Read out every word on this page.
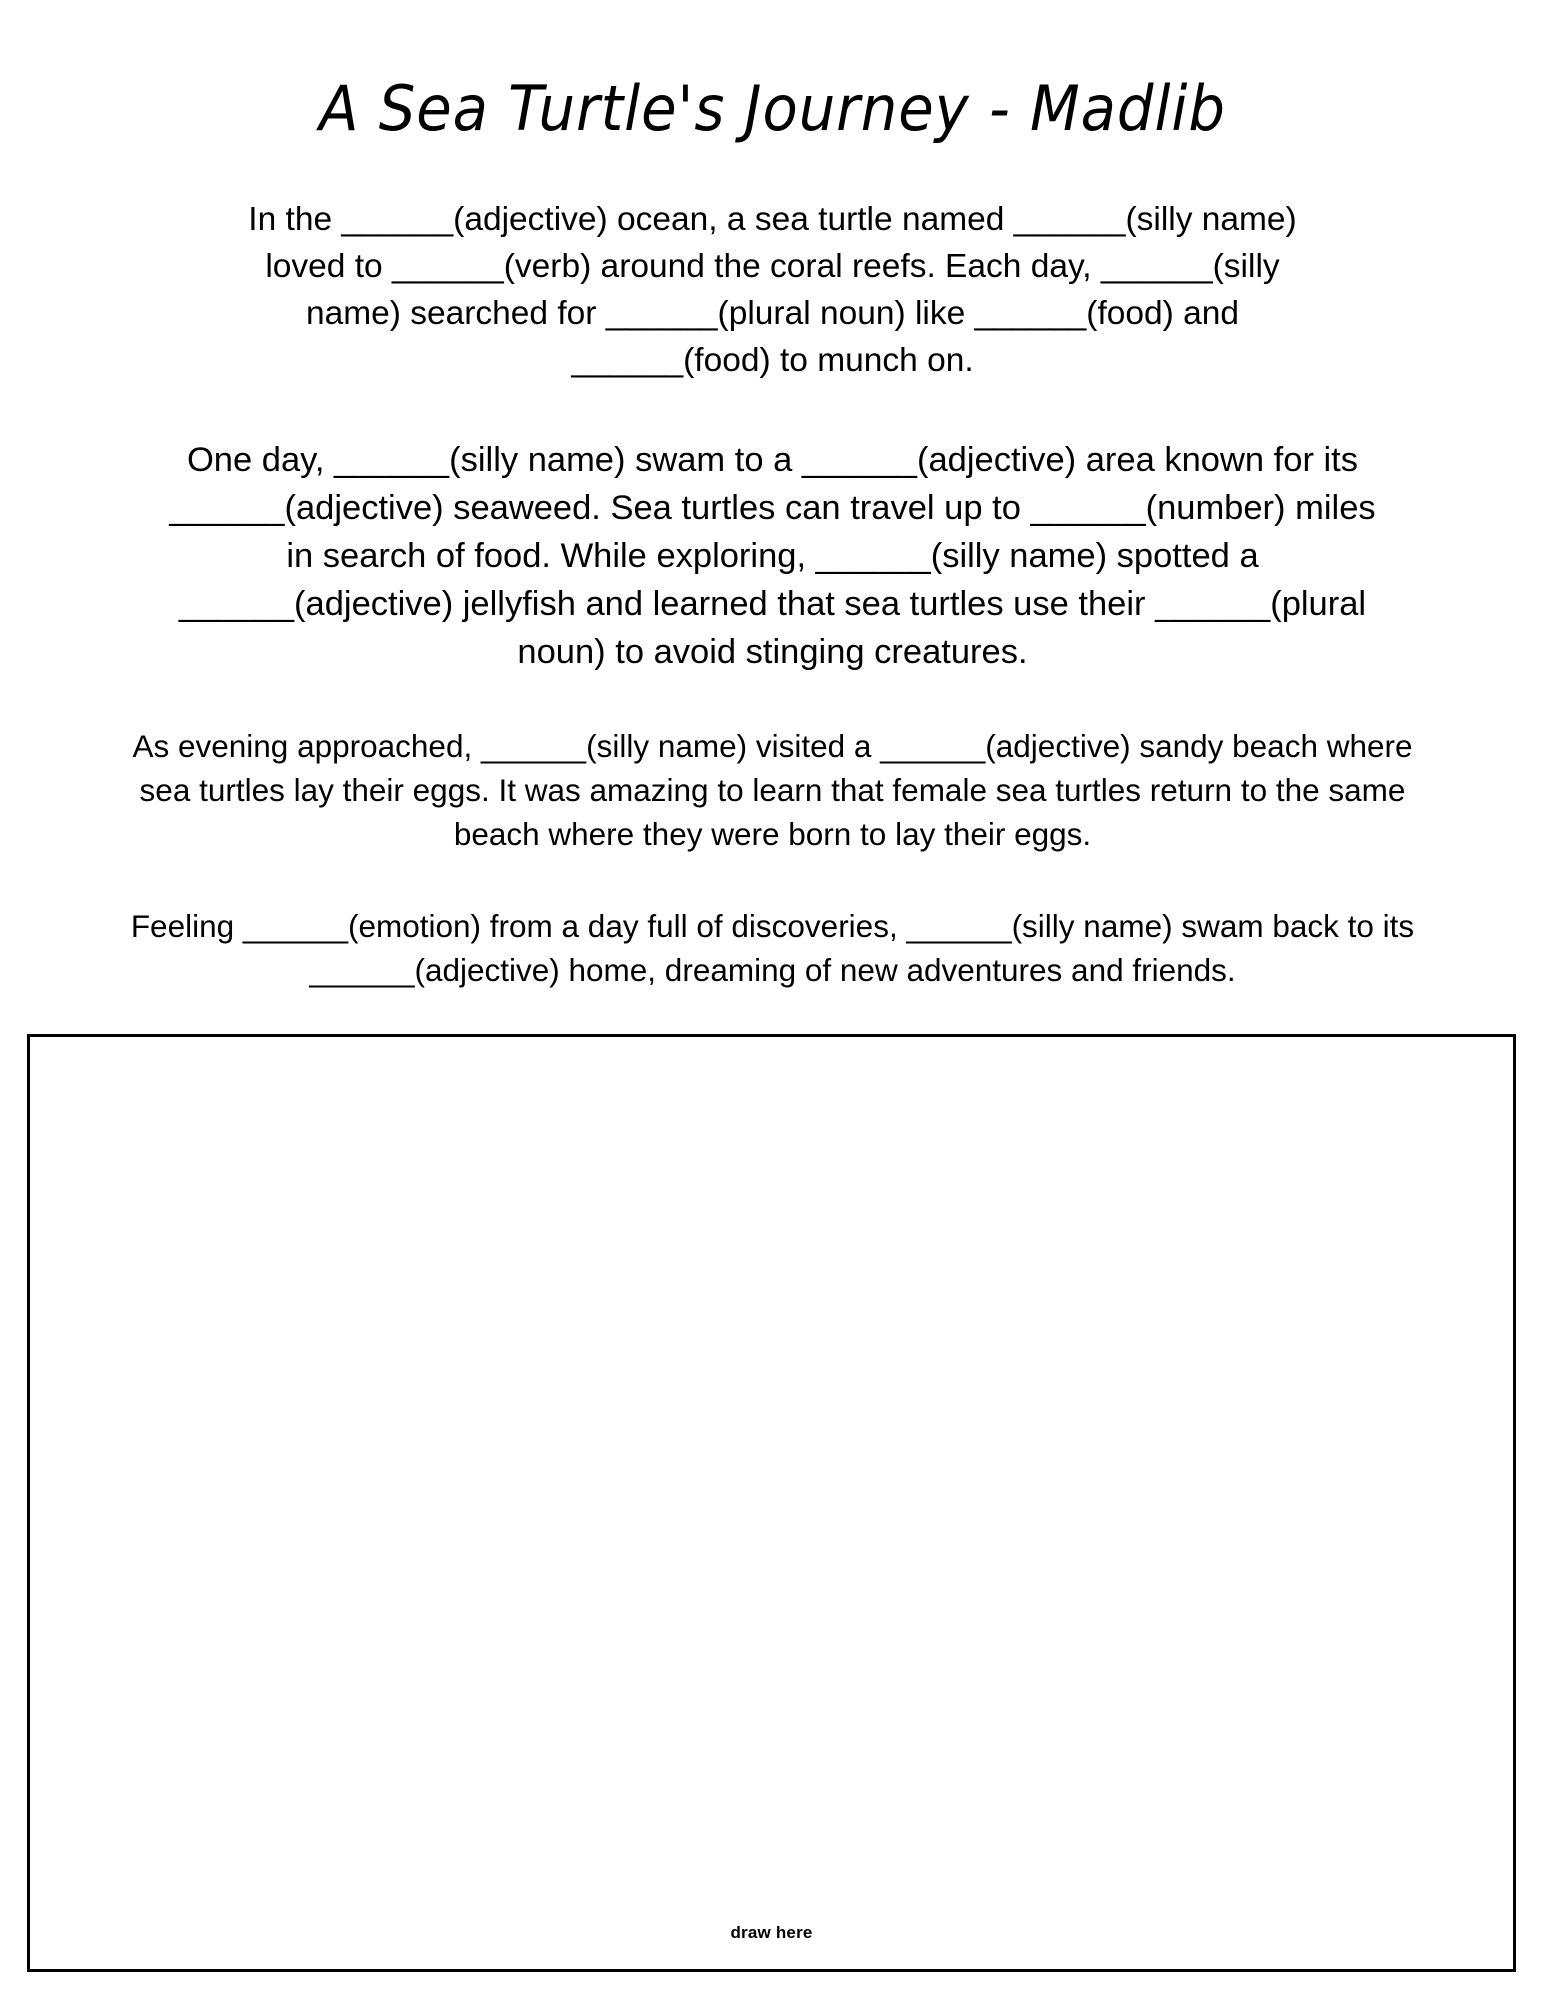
A Sea Turtle's Journey - Madlib

In the ______(adjective) ocean, a sea turtle named ______(silly name) loved to ______(verb) around the coral reefs. Each day, ______(silly name) searched for ______(plural noun) like ______(food) and ______(food) to munch on.

One day, ______(silly name) swam to a ______(adjective) area known for its ______(adjective) seaweed. Sea turtles can travel up to ______(number) miles in search of food. While exploring, ______(silly name) spotted a ______(adjective) jellyfish and learned that sea turtles use their ______(plural noun) to avoid stinging creatures.

As evening approached, ______(silly name) visited a ______(adjective) sandy beach where sea turtles lay their eggs. It was amazing to learn that female sea turtles return to the same beach where they were born to lay their eggs.

Feeling ______(emotion) from a day full of discoveries, ______(silly name) swam back to its ______(adjective) home, dreaming of new adventures and friends.

draw here
